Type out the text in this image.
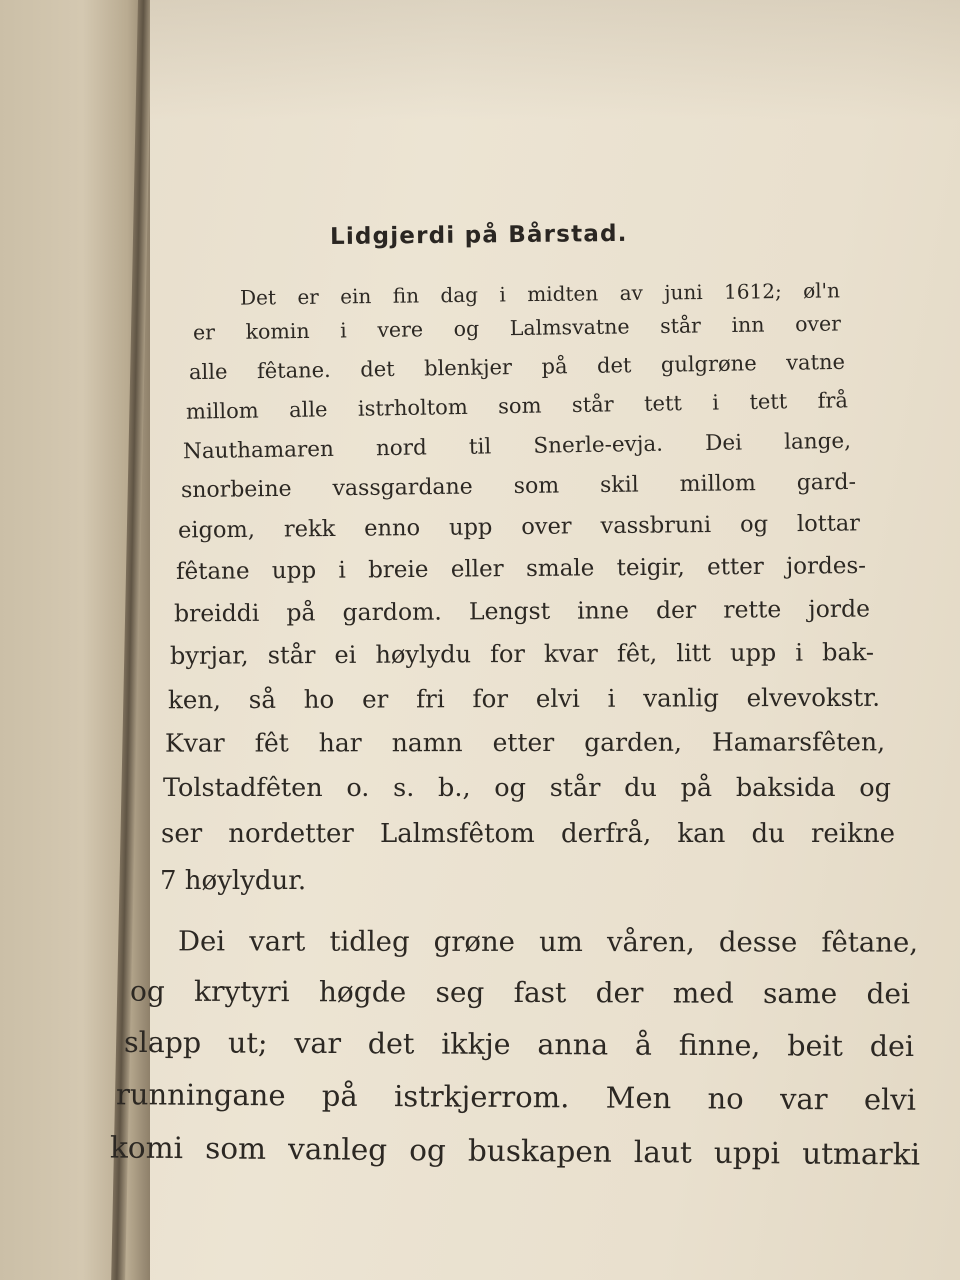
Lidgjerdi på Bårstad.

Det er ein fin dag i midten av juni 1612; øl'n

er komin i vere og Lalmsvatne står inn over

alle fêtane. det blenkjer på det gulgrøne vatne

millom alle istrholtom som står tett i tett frå

Nauthamaren nord til Snerle-evja. Dei lange,

snorbeine vassgardane som skil millom gard-

eigom, rekk enno upp over vassbruni og lottar

fêtane upp i breie eller smale teigir, etter jordes-

breiddi på gardom. Lengst inne der rette jorde

byrjar, står ei høylydu for kvar fêt, litt upp i bak-

ken, så ho er fri for elvi i vanlig elvevokstr.

Kvar fêt har namn etter garden, Hamarsfêten,

Tolstadfêten o. s. b., og står du på baksida og

ser nordetter Lalmsfêtom derfrå, kan du reikne

7 høylydur.

Dei vart tidleg grøne um våren, desse fêtane,

og krytyri høgde seg fast der med same dei

slapp ut; var det ikkje anna å finne, beit dei

runningane på istrkjerrom. Men no var elvi

komi som vanleg og buskapen laut uppi utmarki
